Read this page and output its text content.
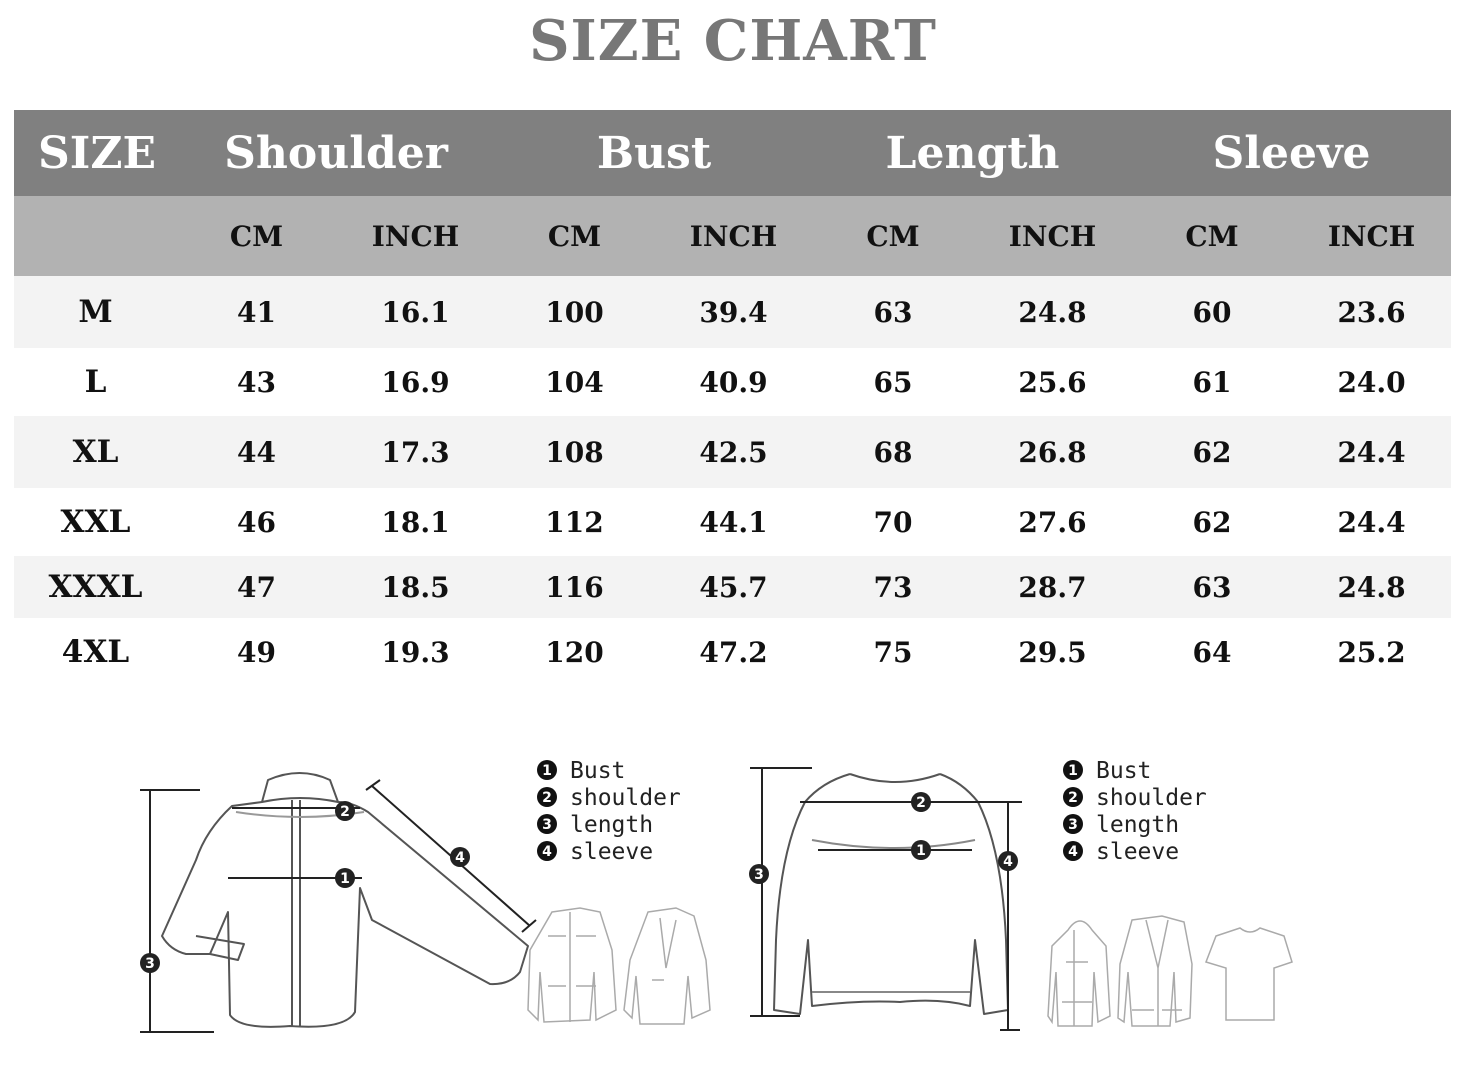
SIZE CHART
SIZE	Shoulder		Bust		Length		Sleeve	
	CM	INCH	CM	INCH	CM	INCH	CM	INCH
M	41	16.1	100	39.4	63	24.8	60	23.6
L	43	16.9	104	40.9	65	25.6	61	24.0
XL	44	17.3	108	42.5	68	26.8	62	24.4
XXL	46	18.1	112	44.1	70	27.6	62	24.4
XXXL	47	18.5	116	45.7	73	28.7	63	24.8
4XL	49	19.3	120	47.2	75	29.5	64	25.2
2
1
4
3
1 Bust
2 shoulder
3 length
4 sleeve
2
1
3
4
1 Bust
2 shoulder
3 length
4 sleeve
